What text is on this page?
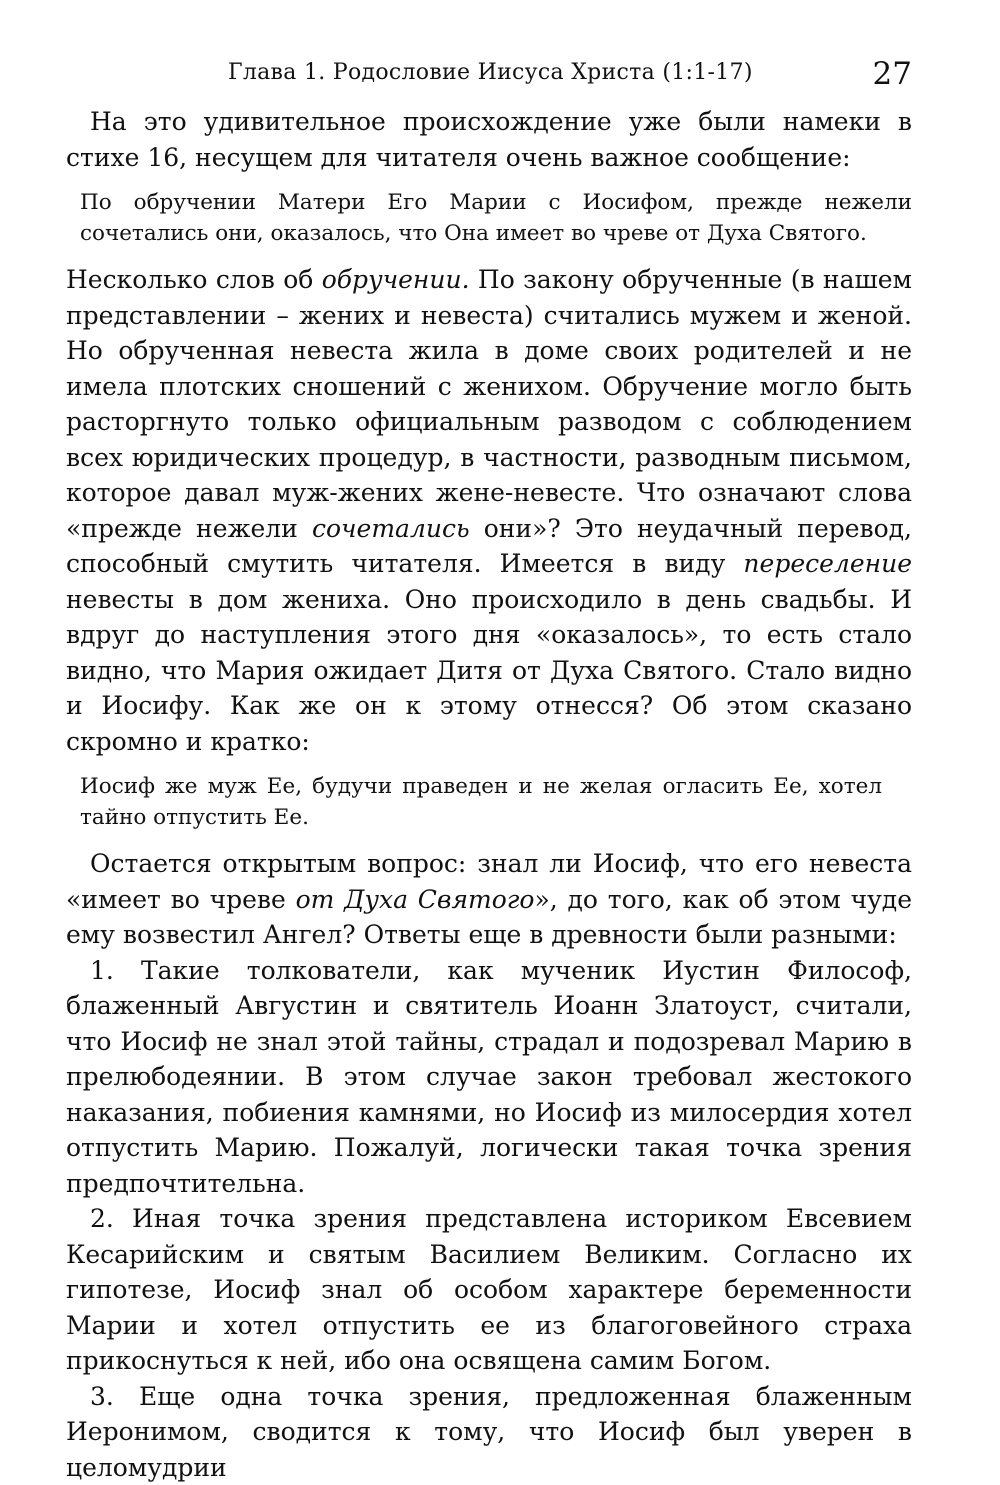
Глава 1. Родословие Иисуса Христа (1:1-17)	27

На это удивительное происхождение уже были намеки в стихе 16, несущем для читателя очень важное сообщение:

По обручении Матери Его Марии с Иосифом, прежде нежели сочетались они, оказалось, что Она имеет во чреве от Духа Святого.

Несколько слов об обручении. По закону обрученные (в нашем представлении – жених и невеста) считались мужем и женой. Но обрученная невеста жила в доме своих родителей и не имела плотских сношений с женихом. Обручение могло быть расторгнуто только официальным разводом с соблюдением всех юридических процедур, в частности, разводным письмом, которое давал муж-жених жене-невесте. Что означают слова «прежде нежели сочетались они»? Это неудачный перевод, способный смутить читателя. Имеется в виду переселение невесты в дом жениха. Оно происходило в день свадьбы. И вдруг до наступления этого дня «оказалось», то есть стало видно, что Мария ожидает Дитя от Духа Святого. Стало видно и Иосифу. Как же он к этому отнесся? Об этом сказано скромно и кратко:

Иосиф же муж Ее, будучи праведен и не желая огласить Ее, хотел тайно отпустить Ее.

Остается открытым вопрос: знал ли Иосиф, что его невеста «имеет во чреве от Духа Святого», до того, как об этом чуде ему возвестил Ангел? Ответы еще в древности были разными:

1. Такие толкователи, как мученик Иустин Философ, блаженный Августин и святитель Иоанн Златоуст, считали, что Иосиф не знал этой тайны, страдал и подозревал Марию в прелюбодеянии. В этом случае закон требовал жестокого наказания, побиения камнями, но Иосиф из милосердия хотел отпустить Марию. Пожалуй, логически такая точка зрения предпочтительна.

2. Иная точка зрения представлена историком Евсевием Кесарийским и святым Василием Великим. Согласно их гипотезе, Иосиф знал об особом характере беременности Марии и хотел отпустить ее из благоговейного страха прикоснуться к ней, ибо она освящена самим Богом.

3. Еще одна точка зрения, предложенная блаженным Иеронимом, сводится к тому, что Иосиф был уверен в целомудрии
